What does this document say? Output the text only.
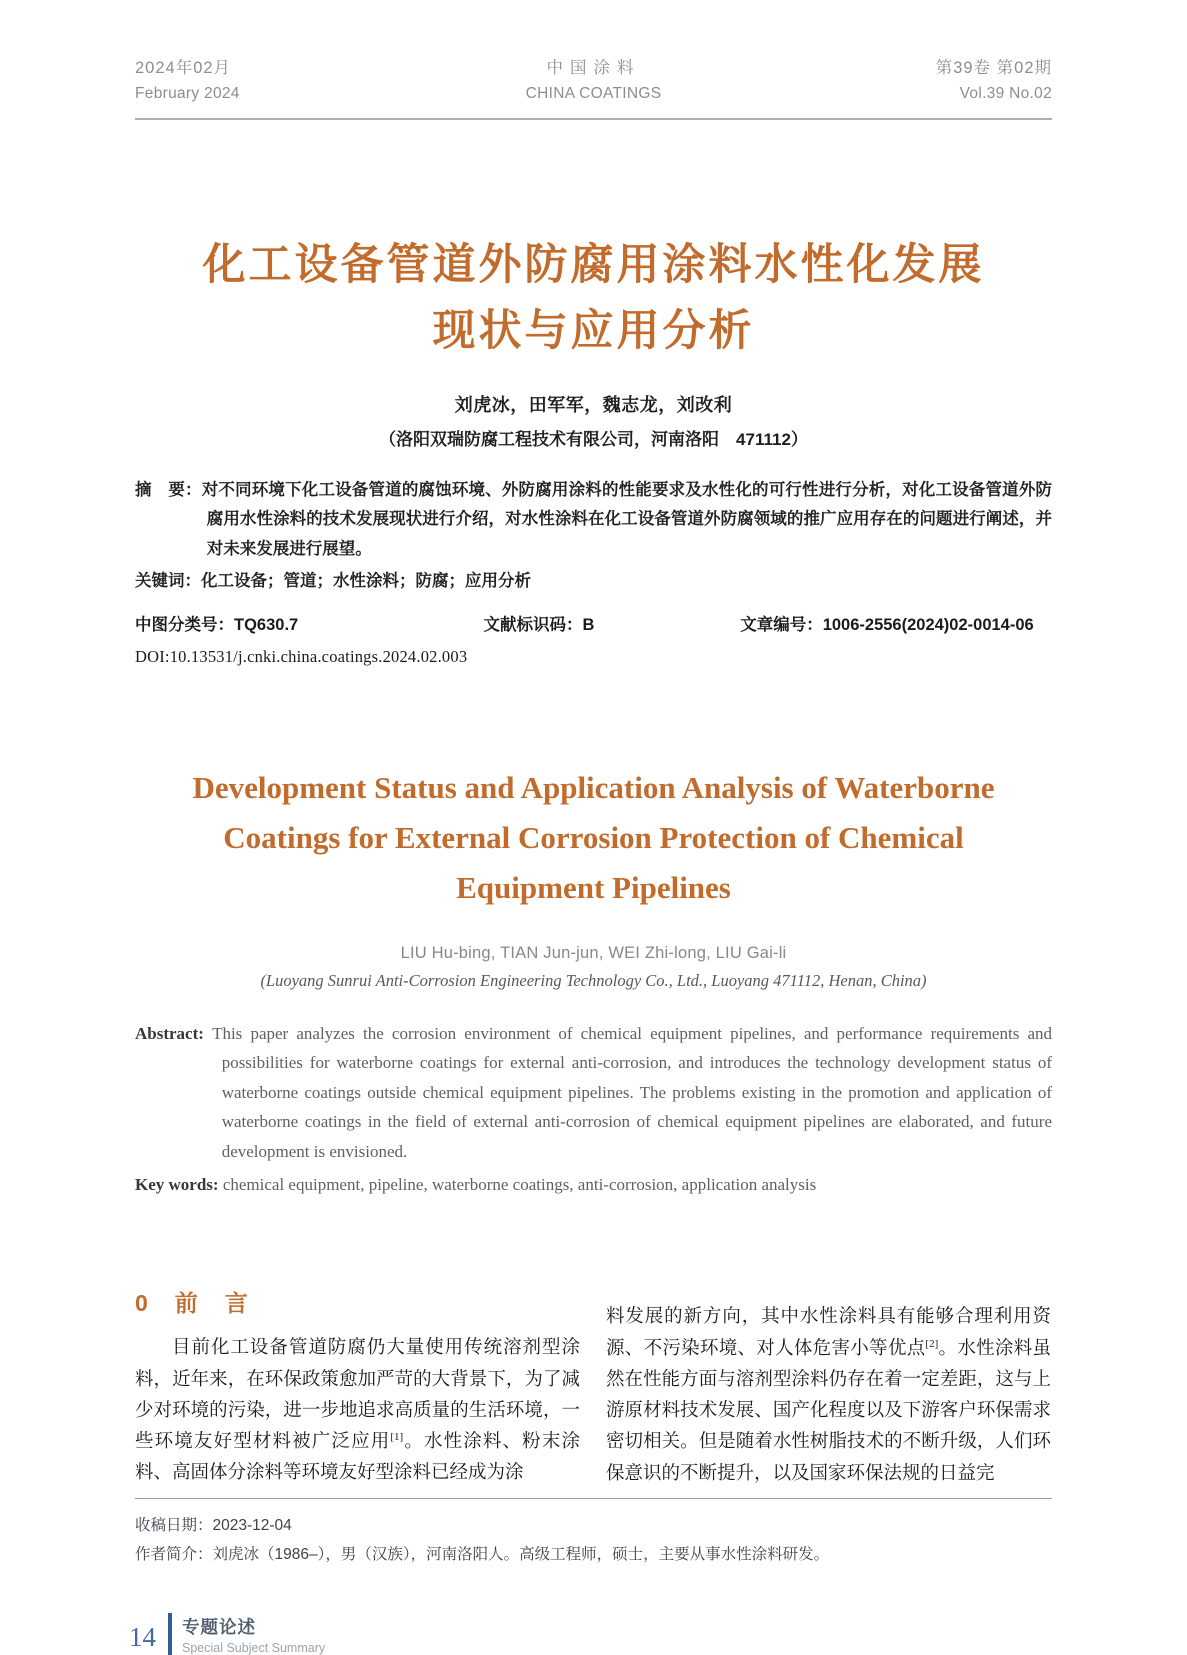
2024年02月
February 2024
中国涂料
CHINA COATINGS
第39卷 第02期
Vol.39 No.02
化工设备管道外防腐用涂料水性化发展
现状与应用分析
刘虎冰，田军军，魏志龙，刘改利
（洛阳双瑞防腐工程技术有限公司，河南洛阳　471112）

摘　要：对不同环境下化工设备管道的腐蚀环境、外防腐用涂料的性能要求及水性化的可行性进行分析，对化工设备管道外防腐用水性涂料的技术发展现状进行介绍，对水性涂料在化工设备管道外防腐领域的推广应用存在的问题进行阐述，并对未来发展进行展望。

关键词：化工设备；管道；水性涂料；防腐；应用分析

中图分类号：TQ630.7	文献标识码：B	文章编号：1006-2556(2024)02-0014-06
DOI:10.13531/j.cnki.china.coatings.2024.02.003
Development Status and Application Analysis of Waterborne
Coatings for External Corrosion Protection of Chemical
Equipment Pipelines
LIU Hu-bing, TIAN Jun-jun, WEI Zhi-long, LIU Gai-li
(Luoyang Sunrui Anti-Corrosion Engineering Technology Co., Ltd., Luoyang 471112, Henan, China)

Abstract: This paper analyzes the corrosion environment of chemical equipment pipelines, and performance requirements and possibilities for waterborne coatings for external anti-corrosion, and introduces the technology development status of waterborne coatings outside chemical equipment pipelines. The problems existing in the promotion and application of waterborne coatings in the field of external anti-corrosion of chemical equipment pipelines are elaborated, and future development is envisioned.

Key words: chemical equipment, pipeline, waterborne coatings, anti-corrosion, application analysis

0　前　言

目前化工设备管道防腐仍大量使用传统溶剂型涂料，近年来，在环保政策愈加严苛的大背景下，为了减少对环境的污染，进一步地追求高质量的生活环境，一些环境友好型材料被广泛应用[1]。水性涂料、粉末涂料、高固体分涂料等环境友好型涂料已经成为涂

料发展的新方向，其中水性涂料具有能够合理利用资源、不污染环境、对人体危害小等优点[2]。水性涂料虽然在性能方面与溶剂型涂料仍存在着一定差距，这与上游原材料技术发展、国产化程度以及下游客户环保需求密切相关。但是随着水性树脂技术的不断升级，人们环保意识的不断提升，以及国家环保法规的日益完

收稿日期：2023-12-04
作者简介：刘虎冰（1986–），男（汉族），河南洛阳人。高级工程师，硕士，主要从事水性涂料研发。
14	专题论述
Special Subject Summary
